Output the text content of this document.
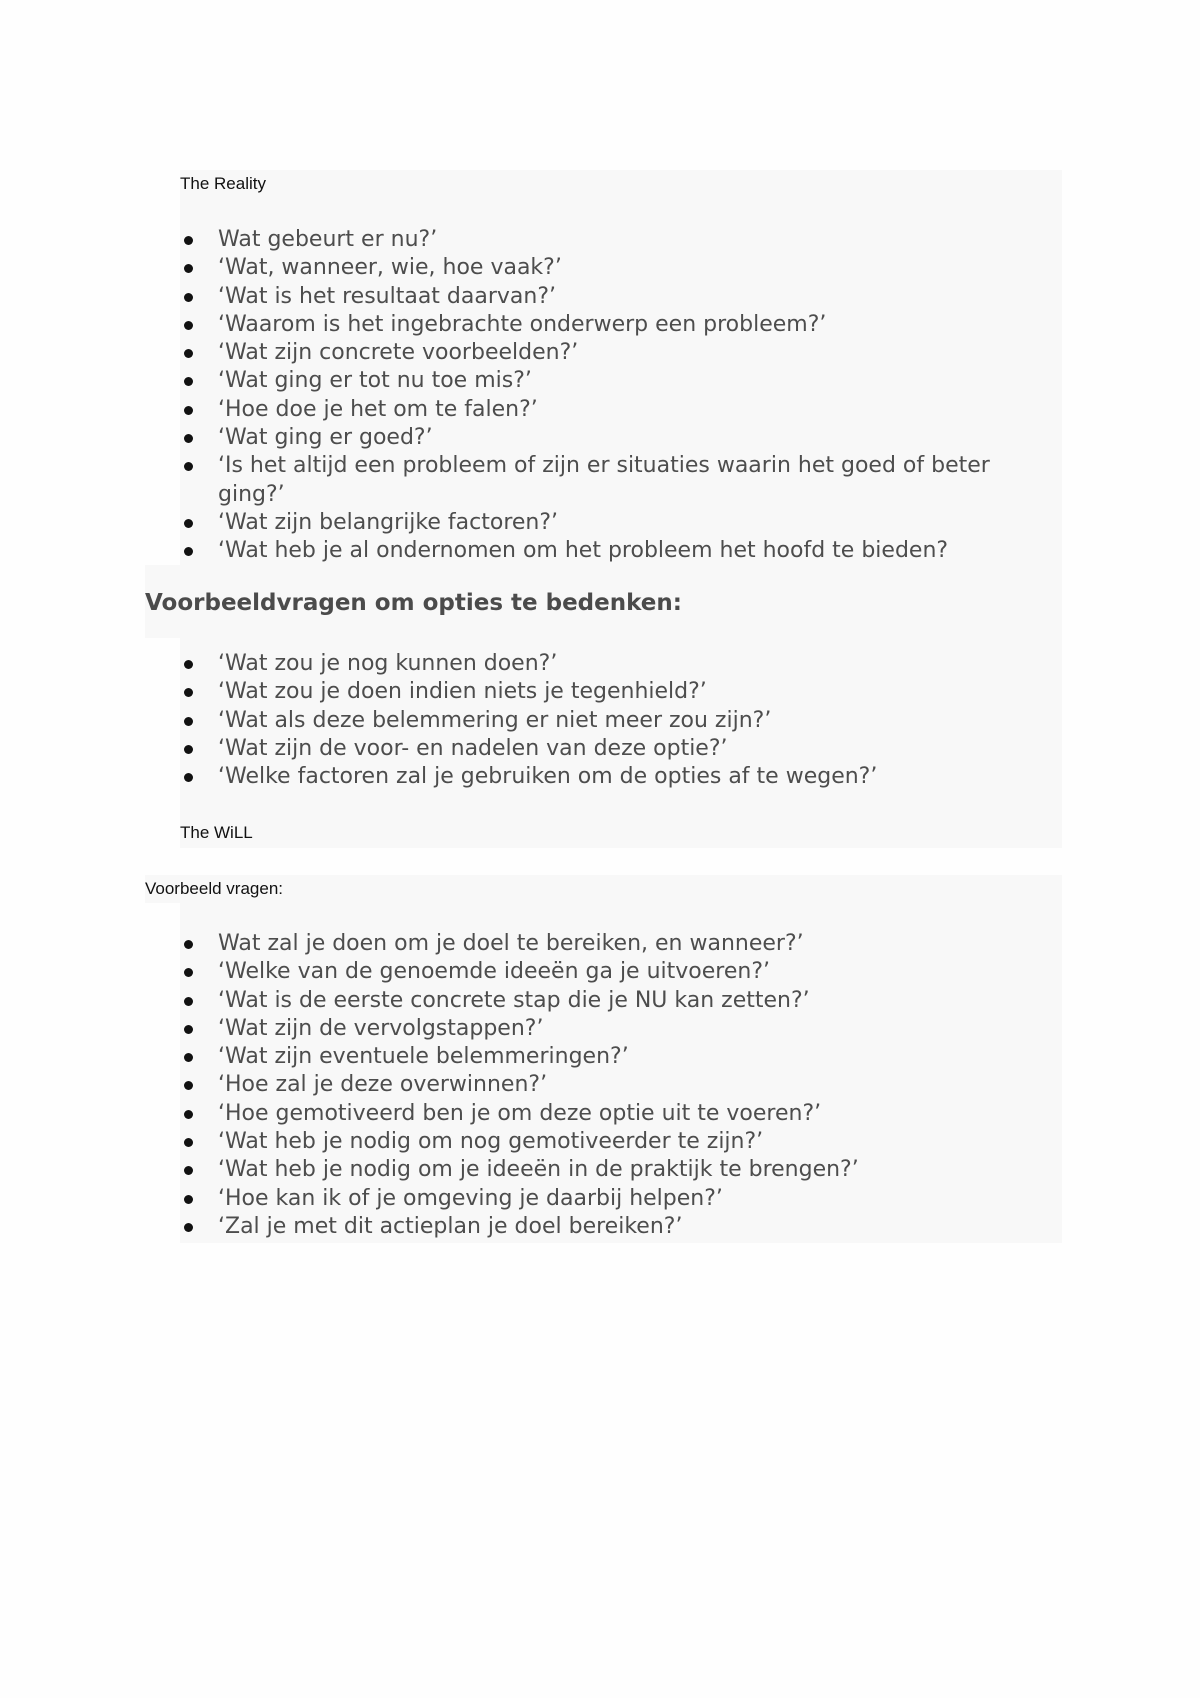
The Reality

Wat gebeurt er nu?’
‘Wat, wanneer, wie, hoe vaak?’
‘Wat is het resultaat daarvan?’
‘Waarom is het ingebrachte onderwerp een probleem?’
‘Wat zijn concrete voorbeelden?’
‘Wat ging er tot nu toe mis?’
‘Hoe doe je het om te falen?’
‘Wat ging er goed?’
‘Is het altijd een probleem of zijn er situaties waarin het goed of beter ging?’
‘Wat zijn belangrijke factoren?’
‘Wat heb je al ondernomen om het probleem het hoofd te bieden?
Voorbeeldvragen om opties te bedenken:
‘Wat zou je nog kunnen doen?’
‘Wat zou je doen indien niets je tegenhield?’
‘Wat als deze belemmering er niet meer zou zijn?’
‘Wat zijn de voor- en nadelen van deze optie?’
‘Welke factoren zal je gebruiken om de opties af te wegen?’

The WiLL

Voorbeeld vragen:

Wat zal je doen om je doel te bereiken, en wanneer?’
‘Welke van de genoemde ideeën ga je uitvoeren?’
‘Wat is de eerste concrete stap die je NU kan zetten?’
‘Wat zijn de vervolgstappen?’
‘Wat zijn eventuele belemmeringen?’
‘Hoe zal je deze overwinnen?’
‘Hoe gemotiveerd ben je om deze optie uit te voeren?’
‘Wat heb je nodig om nog gemotiveerder te zijn?’
‘Wat heb je nodig om je ideeën in de praktijk te brengen?’
‘Hoe kan ik of je omgeving je daarbij helpen?’
‘Zal je met dit actieplan je doel bereiken?’
